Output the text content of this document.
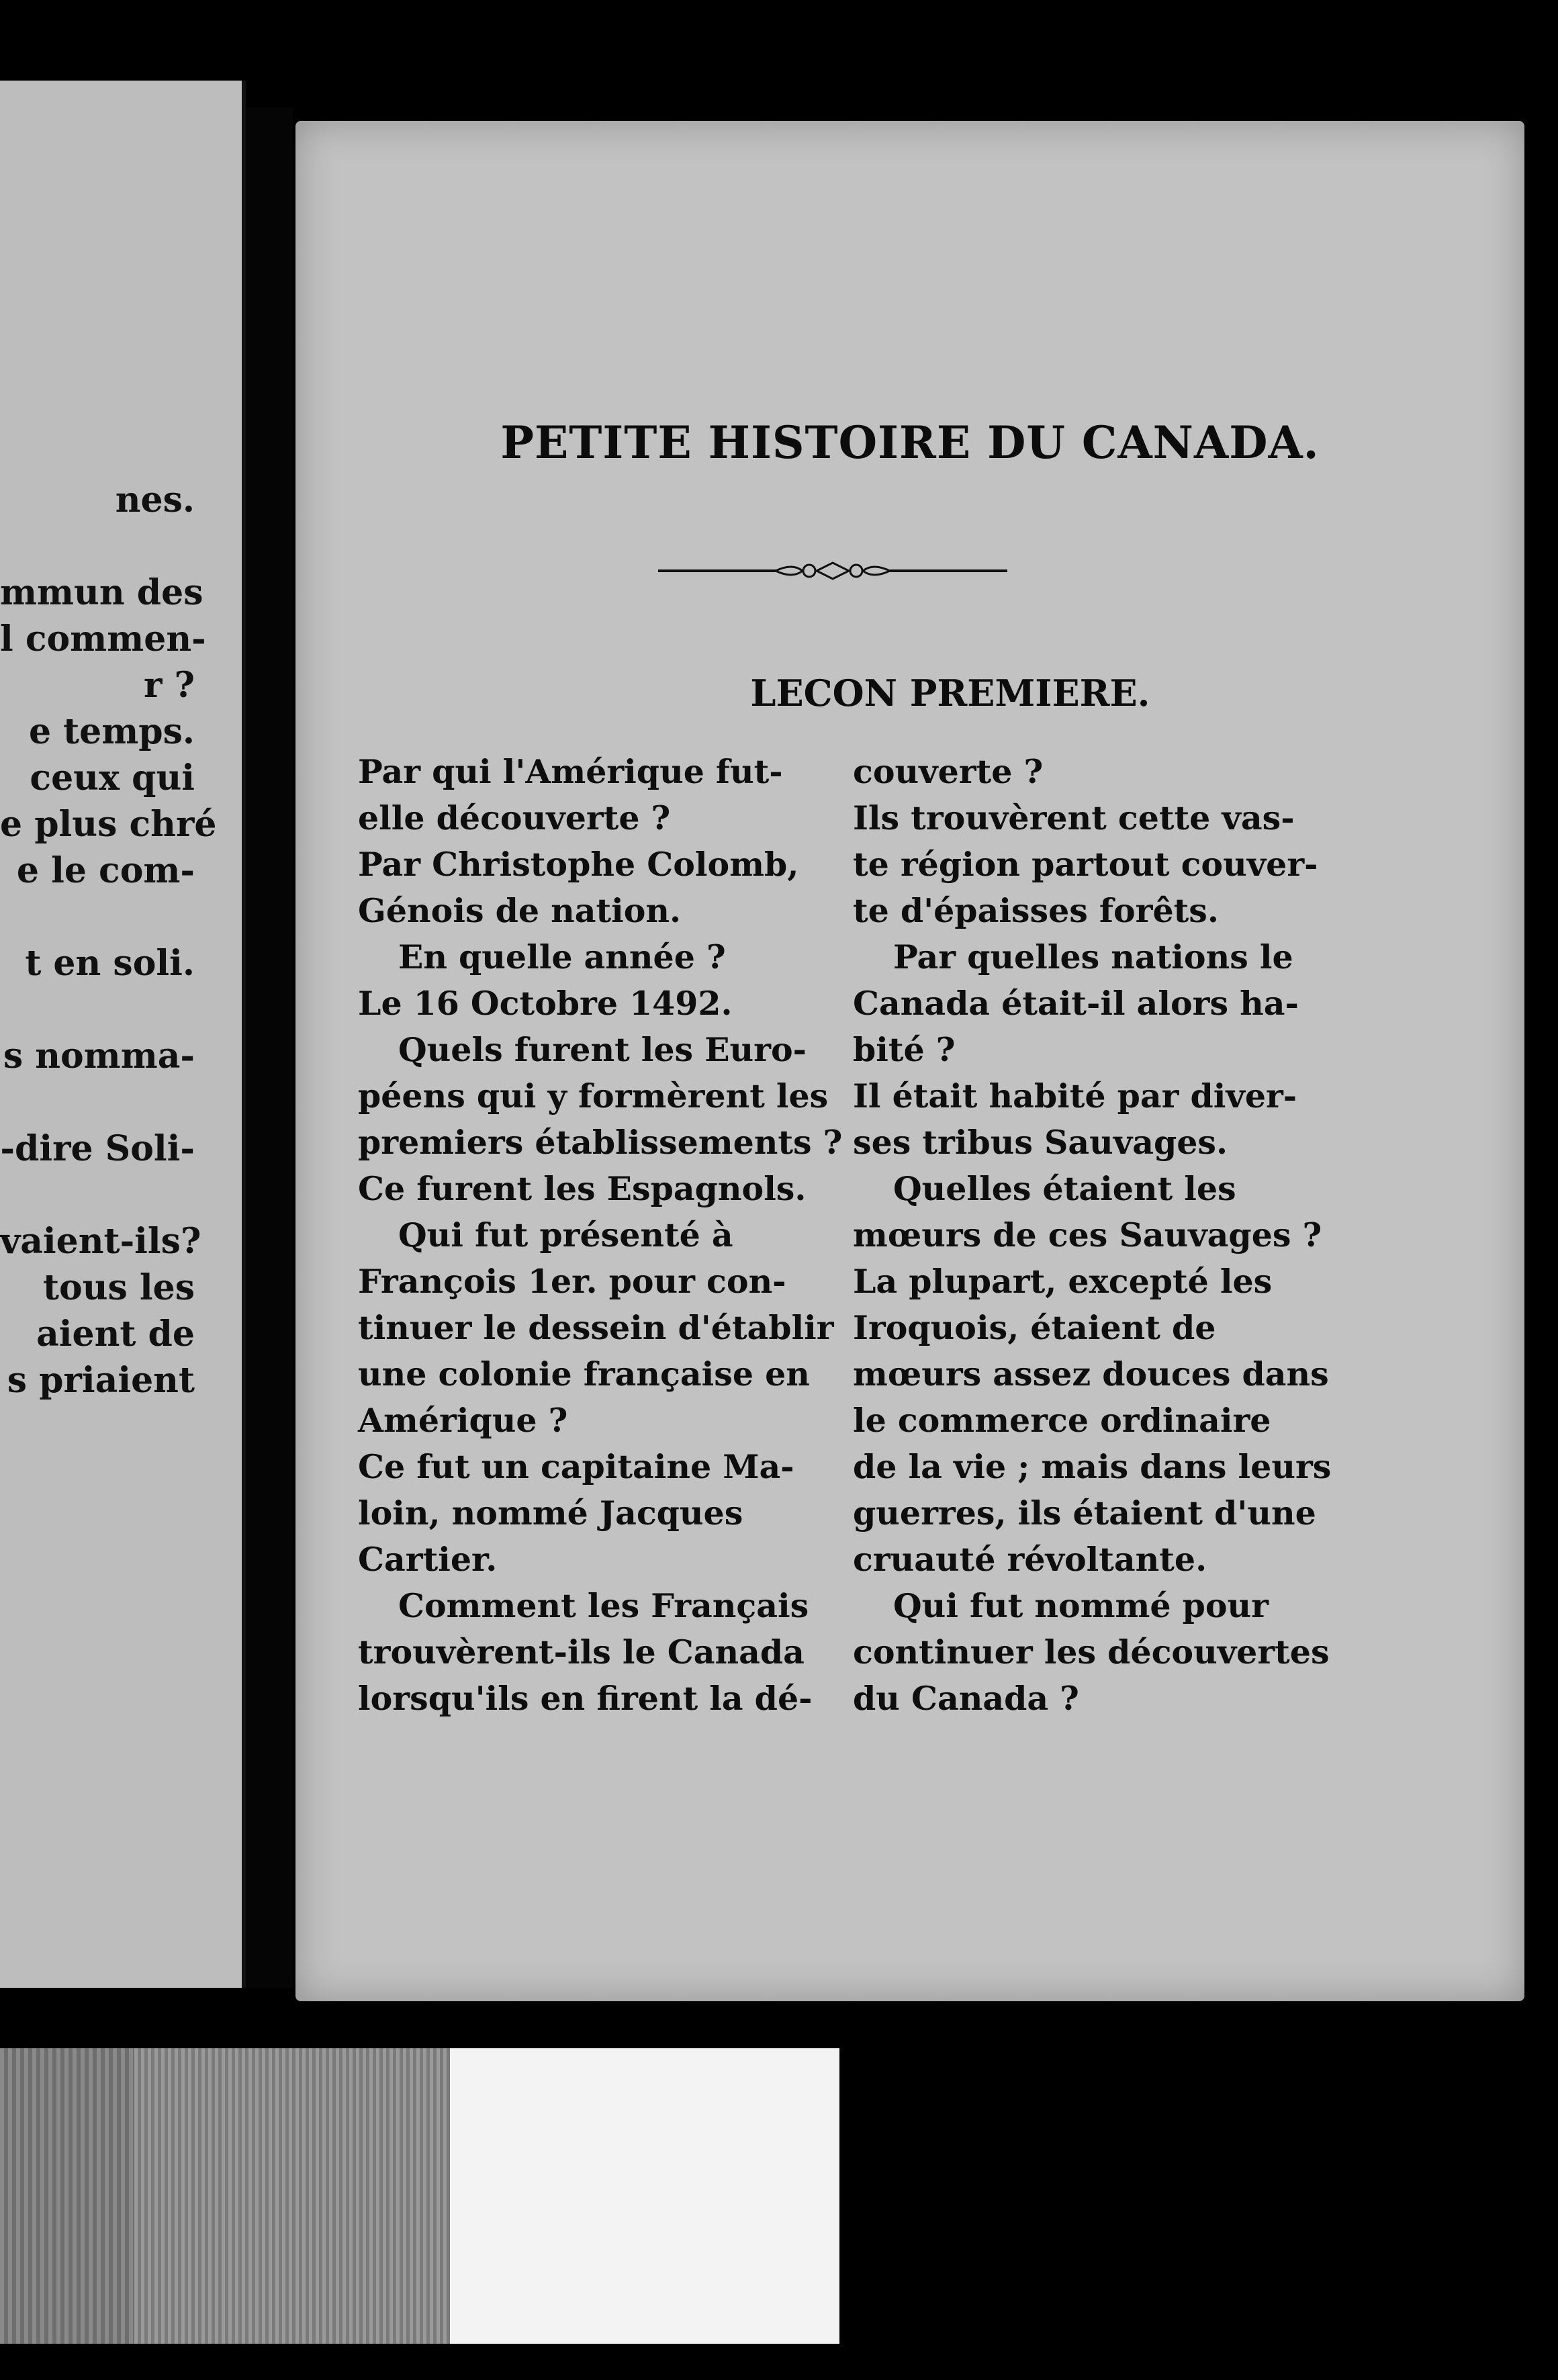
nes.
mmun des
l commen-
r ?
e temps.
ceux qui
e plus chré
e le com-
t en soli.
s nomma-
-dire Soli-
vaient-ils?
tous les
aient de
s priaient
PETITE HISTOIRE DU CANADA.
LECON PREMIERE.
Par qui l'Amérique fut-
elle découverte ?
Par Christophe Colomb,
Génois de nation.
En quelle année ?
Le 16 Octobre 1492.
Quels furent les Euro-
péens qui y formèrent les
premiers établissements ?
Ce furent les Espagnols.
Qui fut présenté à
François 1er. pour con-
tinuer le dessein d'établir
une colonie française en
Amérique ?
Ce fut un capitaine Ma-
loin, nommé Jacques
Cartier.
Comment les Français
trouvèrent-ils le Canada
lorsqu'ils en firent la dé-
couverte ?
Ils trouvèrent cette vas-
te région partout couver-
te d'épaisses forêts.
Par quelles nations le
Canada était-il alors ha-
bité ?
Il était habité par diver-
ses tribus Sauvages.
Quelles étaient les
mœurs de ces Sauvages ?
La plupart, excepté les
Iroquois, étaient de
mœurs assez douces dans
le commerce ordinaire
de la vie ; mais dans leurs
guerres, ils étaient d'une
cruauté révoltante.
Qui fut nommé pour
continuer les découvertes
du Canada ?
